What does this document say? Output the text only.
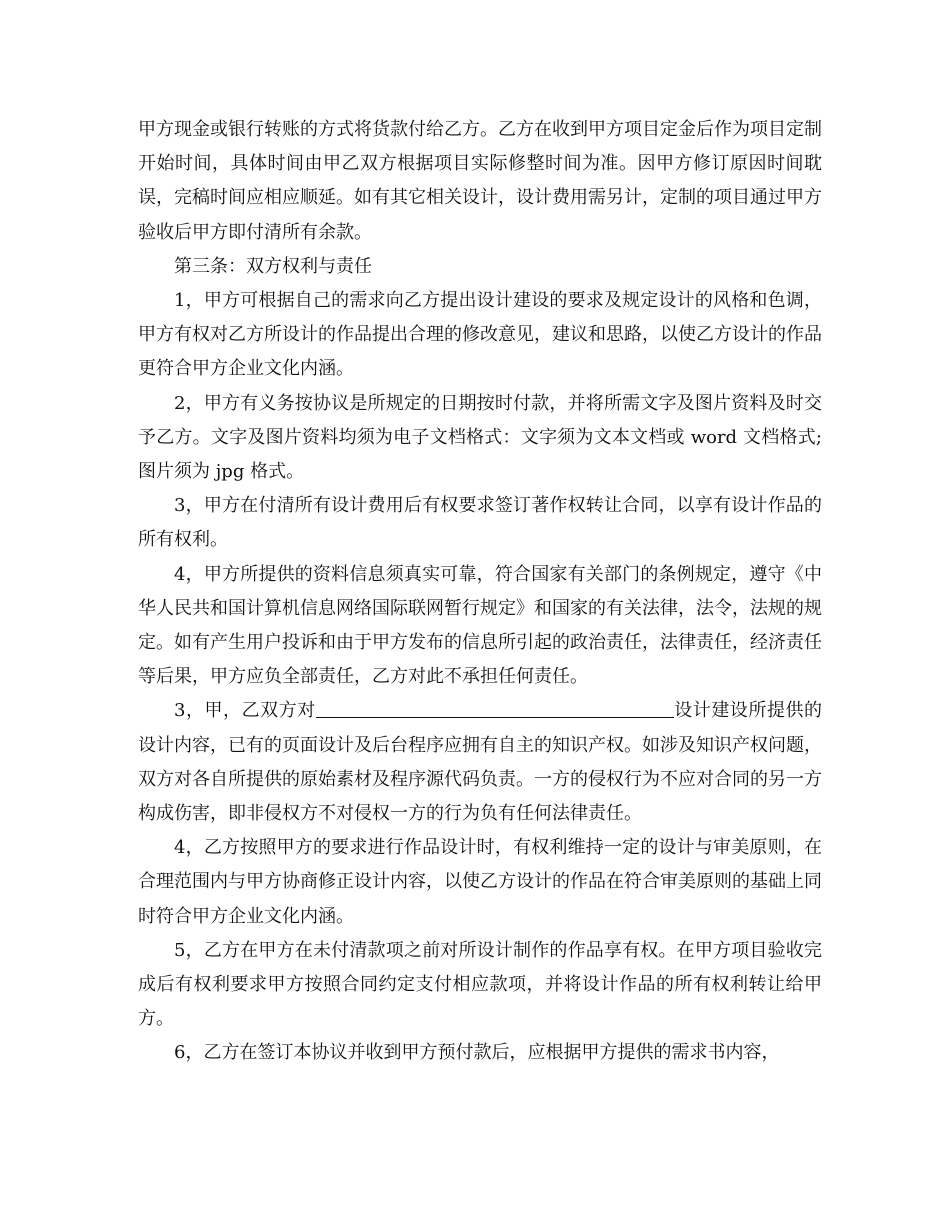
甲方现金或银行转账的方式将货款付给乙方。乙方在收到甲方项目定金后作为项目定制开始时间，具体时间由甲乙双方根据项目实际修整时间为准。因甲方修订原因时间耽误，完稿时间应相应顺延。如有其它相关设计，设计费用需另计，定制的项目通过甲方验收后甲方即付清所有余款。

第三条：双方权利与责任

1，甲方可根据自己的需求向乙方提出设计建设的要求及规定设计的风格和色调，甲方有权对乙方所设计的作品提出合理的修改意见，建议和思路，以使乙方设计的作品更符合甲方企业文化内涵。

2，甲方有义务按协议是所规定的日期按时付款，并将所需文字及图片资料及时交予乙方。文字及图片资料均须为电子文档格式：文字须为文本文档或 word 文档格式;图片须为 jpg 格式。

3，甲方在付清所有设计费用后有权要求签订著作权转让合同，以享有设计作品的所有权利。

4，甲方所提供的资料信息须真实可靠，符合国家有关部门的条例规定，遵守《中华人民共和国计算机信息网络国际联网暂行规定》和国家的有关法律，法令，法规的规定。如有产生用户投诉和由于甲方发布的信息所引起的政治责任，法律责任，经济责任等后果，甲方应负全部责任，乙方对此不承担任何责任。

3，甲，乙双方对	设计建设所提供的设计内容，已有的页面设计及后台程序应拥有自主的知识产权。如涉及知识产权问题，双方对各自所提供的原始素材及程序源代码负责。一方的侵权行为不应对合同的另一方构成伤害，即非侵权方不对侵权一方的行为负有任何法律责任。

4，乙方按照甲方的要求进行作品设计时，有权利维持一定的设计与审美原则，在合理范围内与甲方协商修正设计内容，以使乙方设计的作品在符合审美原则的基础上同时符合甲方企业文化内涵。

5，乙方在甲方在未付清款项之前对所设计制作的作品享有权。在甲方项目验收完成后有权利要求甲方按照合同约定支付相应款项，并将设计作品的所有权利转让给甲方。

6，乙方在签订本协议并收到甲方预付款后，应根据甲方提供的需求书内容，
